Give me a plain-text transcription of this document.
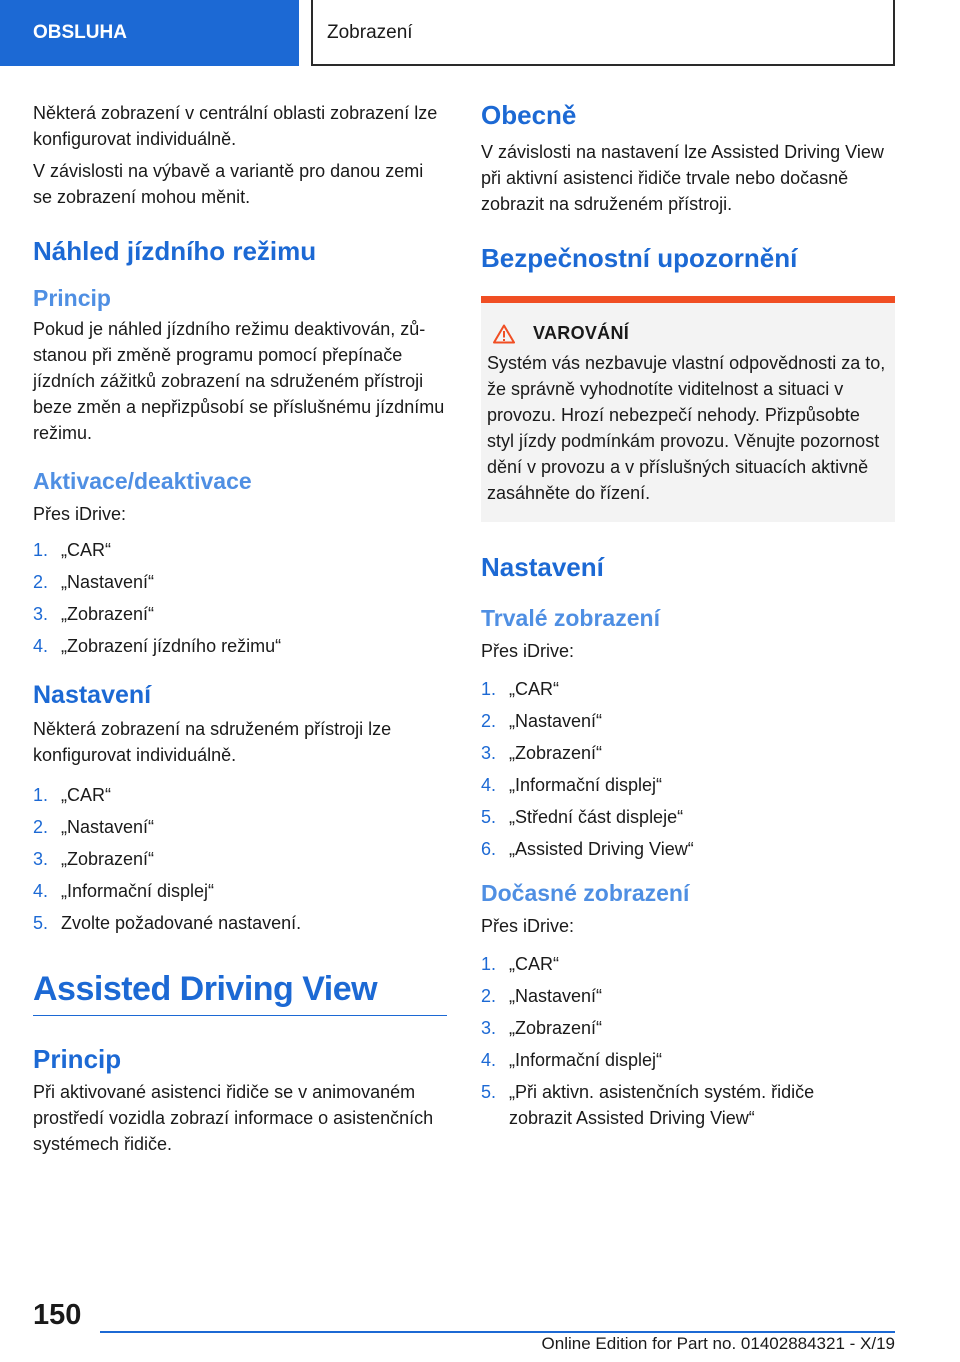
OBSLUHA	Zobrazení

Některá zobrazení v centrální oblasti zobrazení lze konfigurovat individuálně.

V závislosti na výbavě a variantě pro danou zemi se zobrazení mohou měnit.

Náhled jízdního režimu
Princip

Pokud je náhled jízdního režimu deaktivován, zůstanou při změně programu pomocí přepínače jízdních zážitků zobrazení na sdruženém přístroji beze změn a nepřizpůsobí se příslušnému jízdnímu režimu.

Aktivace/deaktivace

Přes iDrive:

1. „CAR“
2. „Nastavení“
3. „Zobrazení“
4. „Zobrazení jízdního režimu“
Nastavení

Některá zobrazení na sdruženém přístroji lze konfigurovat individuálně.

1. „CAR“
2. „Nastavení“
3. „Zobrazení“
4. „Informační displej“
5. Zvolte požadované nastavení.
Assisted Driving View
Princip

Při aktivované asistenci řidiče se v animovaném prostředí vozidla zobrazí informace o asistenčních systémech řidiče.

Obecně

V závislosti na nastavení lze Assisted Driving View při aktivní asistenci řidiče trvale nebo dočasně zobrazit na sdruženém přístroji.

Bezpečnostní upozornění
VAROVÁNÍ

Systém vás nezbavuje vlastní odpovědnosti za to, že správně vyhodnotíte viditelnost a situaci v provozu. Hrozí nebezpečí nehody. Přizpůsobte styl jízdy podmínkám provozu. Věnujte pozornost dění v provozu a v příslušných situacích aktivně zasáhněte do řízení.

Nastavení
Trvalé zobrazení

Přes iDrive:

1. „CAR“
2. „Nastavení“
3. „Zobrazení“
4. „Informační displej“
5. „Střední část displeje“
6. „Assisted Driving View“
Dočasné zobrazení

Přes iDrive:

1. „CAR“
2. „Nastavení“
3. „Zobrazení“
4. „Informační displej“
5. „Při aktivn. asistenčních systém. řidiče zobrazit Assisted Driving View“
150
Online Edition for Part no. 01402884321 - X/19
